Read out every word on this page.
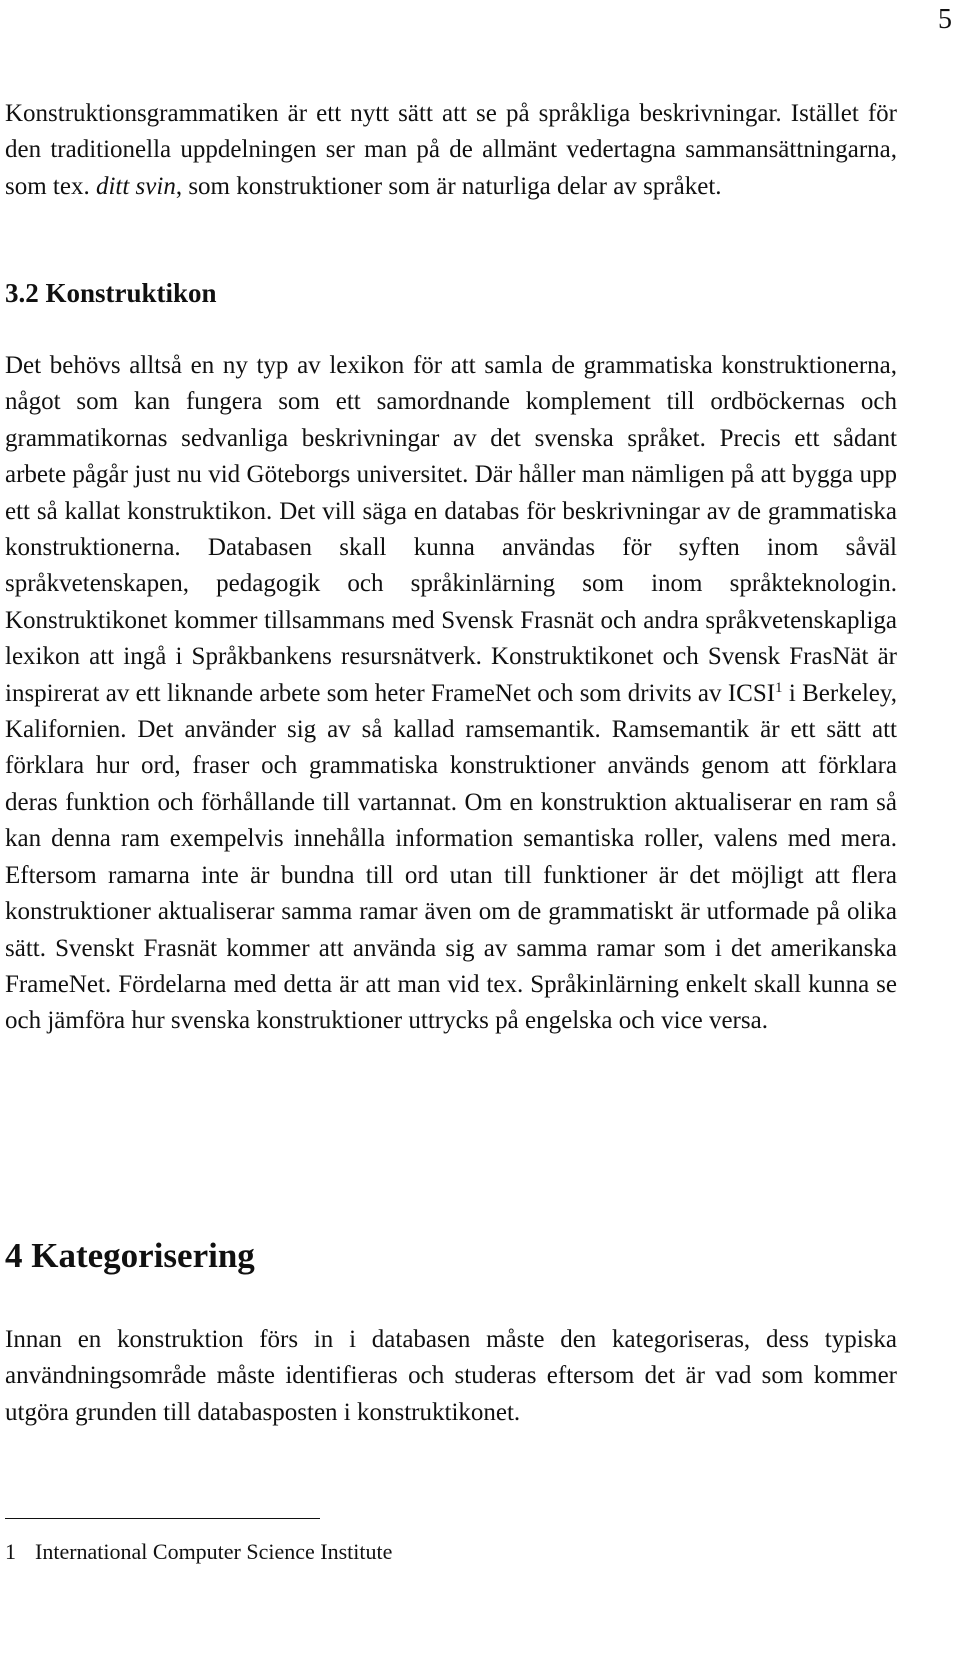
5

Konstruktionsgrammatiken är ett nytt sätt att se på språkliga beskrivningar. Istället för den traditionella uppdelningen ser man på de allmänt vedertagna sammansättningarna, som tex. ditt svin, som konstruktioner som är naturliga delar av språket.

3.2 Konstruktikon

Det behövs alltså en ny typ av lexikon för att samla de grammatiska konstruktionerna, något som kan fungera som ett samordnande komplement till ordböckernas och grammatikornas sedvanliga beskrivningar av det svenska språket. Precis ett sådant arbete pågår just nu vid Göteborgs universitet. Där håller man nämligen på att bygga upp ett så kallat konstruktikon. Det vill säga en databas för beskrivningar av de grammatiska konstruktionerna. Databasen skall kunna användas för syften inom såväl språkvetenskapen, pedagogik och språkinlärning som inom språkteknologin. Konstruktikonet kommer tillsammans med Svensk Frasnät och andra språkvetenskapliga lexikon att ingå i Språkbankens resursnätverk. Konstruktikonet och Svensk FrasNät är inspirerat av ett liknande arbete som heter FrameNet och som drivits av ICSI$^1$ i Berkeley, Kalifornien. Det använder sig av så kallad ramsemantik. Ramsemantik är ett sätt att förklara hur ord, fraser och grammatiska konstruktioner används genom att förklara deras funktion och förhållande till vartannat. Om en konstruktion aktualiserar en ram så kan denna ram exempelvis innehålla information semantiska roller, valens med mera. Eftersom ramarna inte är bundna till ord utan till funktioner är det möjligt att flera konstruktioner aktualiserar samma ramar även om de grammatiskt är utformade på olika sätt. Svenskt Frasnät kommer att använda sig av samma ramar som i det amerikanska FrameNet. Fördelarna med detta är att man vid tex. Språkinlärning enkelt skall kunna se och jämföra hur svenska konstruktioner uttrycks på engelska och vice versa.

4 Kategorisering

Innan en konstruktion förs in i databasen måste den kategoriseras, dess typiska användningsområde måste identifieras och studeras eftersom det är vad som kommer utgöra grunden till databasposten i konstruktikonet.

1 International Computer Science Institute
